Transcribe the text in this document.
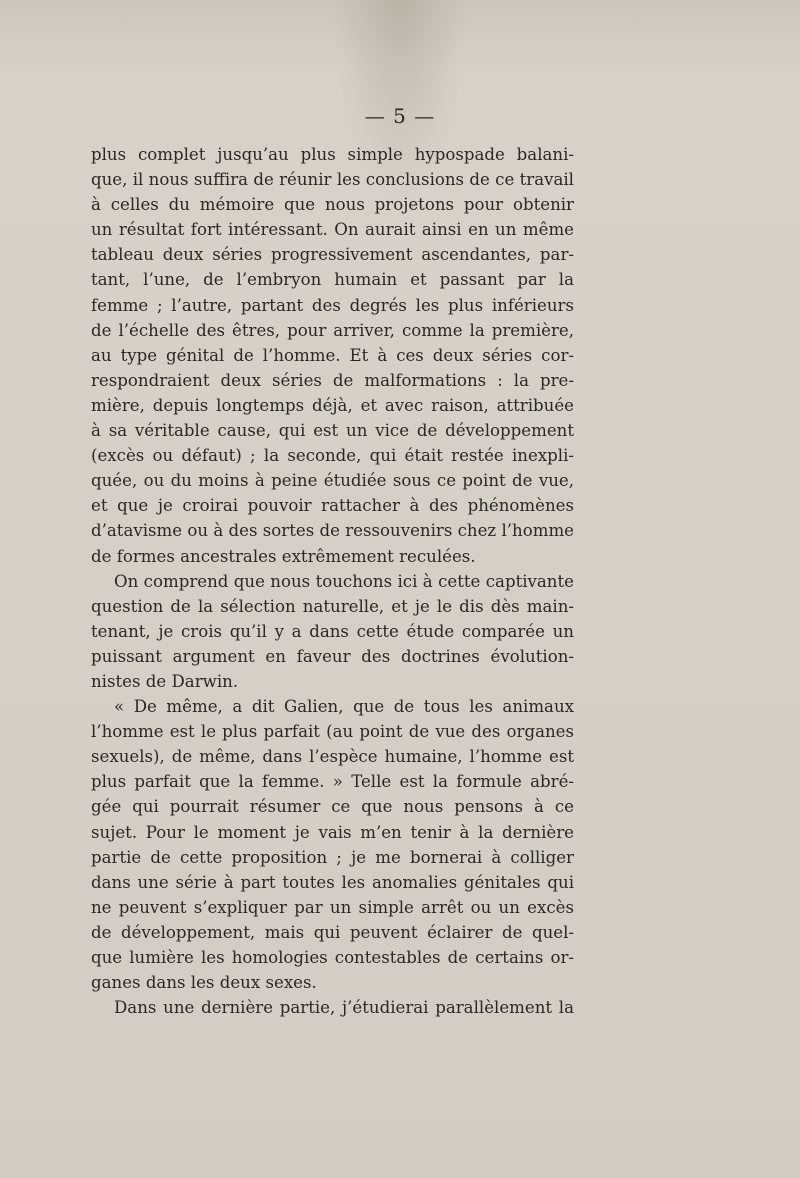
— 5 —

plus complet jusqu’au plus simple hypospade balani-
que, il nous suffira de réunir les conclusions de ce travail
à celles du mémoire que nous projetons pour obtenir
un résultat fort intéressant. On aurait ainsi en un même
tableau deux séries progressivement ascendantes, par-
tant, l’une, de l’embryon humain et passant par la
femme ; l’autre, partant des degrés les plus inférieurs
de l’échelle des êtres, pour arriver, comme la première,
au type génital de l’homme. Et à ces deux séries cor-
respondraient deux séries de malformations : la pre-
mière, depuis longtemps déjà, et avec raison, attribuée
à sa véritable cause, qui est un vice de développement
(excès ou défaut) ; la seconde, qui était restée inexpli-
quée, ou du moins à peine étudiée sous ce point de vue,
et que je croirai pouvoir rattacher à des phénomènes
d’atavisme ou à des sortes de ressouvenirs chez l’homme
de formes ancestrales extrêmement reculées.
On comprend que nous touchons ici à cette captivante
question de la sélection naturelle, et je le dis dès main-
tenant, je crois qu’il y a dans cette étude comparée un
puissant argument en faveur des doctrines évolution-
nistes de Darwin.
« De même, a dit Galien, que de tous les animaux
l’homme est le plus parfait (au point de vue des organes
sexuels), de même, dans l’espèce humaine, l’homme est
plus parfait que la femme. » Telle est la formule abré-
gée qui pourrait résumer ce que nous pensons à ce
sujet. Pour le moment je vais m’en tenir à la dernière
partie de cette proposition ; je me bornerai à colliger
dans une série à part toutes les anomalies génitales qui
ne peuvent s’expliquer par un simple arrêt ou un excès
de développement, mais qui peuvent éclairer de quel-
que lumière les homologies contestables de certains or-
ganes dans les deux sexes.
Dans une dernière partie, j’étudierai parallèlement la
